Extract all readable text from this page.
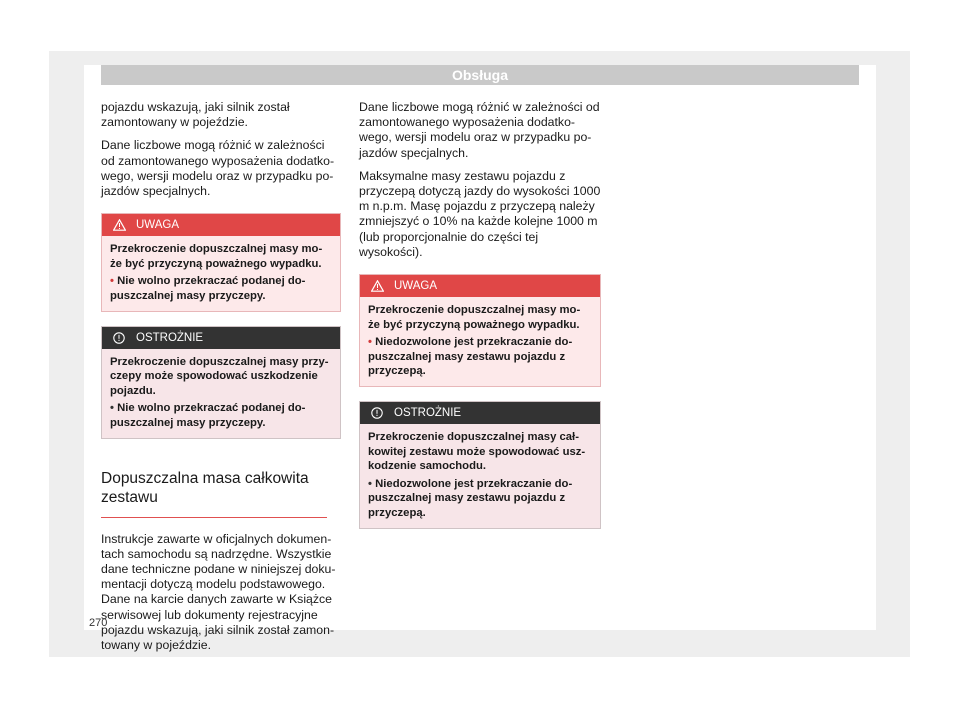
Obsługa

pojazdu wskazują, jaki silnik został zamontowany w pojeździe.

Dane liczbowe mogą różnić w zależności od zamontowanego wyposażenia dodatko-wego, wersji modelu oraz w przypadku po-jazdów specjalnych.

UWAGA
Przekroczenie dopuszczalnej masy mo-że być przyczyną poważnego wypadku.
• Nie wolno przekraczać podanej do-puszczalnej masy przyczepy.
OSTROŻNIE
Przekroczenie dopuszczalnej masy przy-czepy może spowodować uszkodzenie pojazdu.
• Nie wolno przekraczać podanej do-puszczalnej masy przyczepy.
Dopuszczalna masa całkowita zestawu

Instrukcje zawarte w oficjalnych dokumen-tach samochodu są nadrzędne. Wszystkie dane techniczne podane w niniejszej doku-mentacji dotyczą modelu podstawowego. Dane na karcie danych zawarte w Książce serwisowej lub dokumenty rejestracyjne pojazdu wskazują, jaki silnik został zamon-towany w pojeździe.

Dane liczbowe mogą różnić w zależności od zamontowanego wyposażenia dodatko-wego, wersji modelu oraz w przypadku po-jazdów specjalnych.

Maksymalne masy zestawu pojazdu z przyczepą dotyczą jazdy do wysokości 1000 m n.p.m. Masę pojazdu z przyczepą należy zmniejszyć o 10% na każde kolejne 1000 m (lub proporcjonalnie do części tej wysokości).

UWAGA
Przekroczenie dopuszczalnej masy mo-że być przyczyną poważnego wypadku.
• Niedozwolone jest przekraczanie do-puszczalnej masy zestawu pojazdu z przyczepą.
OSTROŻNIE
Przekroczenie dopuszczalnej masy cał-kowitej zestawu może spowodować usz-kodzenie samochodu.
• Niedozwolone jest przekraczanie do-puszczalnej masy zestawu pojazdu z przyczepą.
270
